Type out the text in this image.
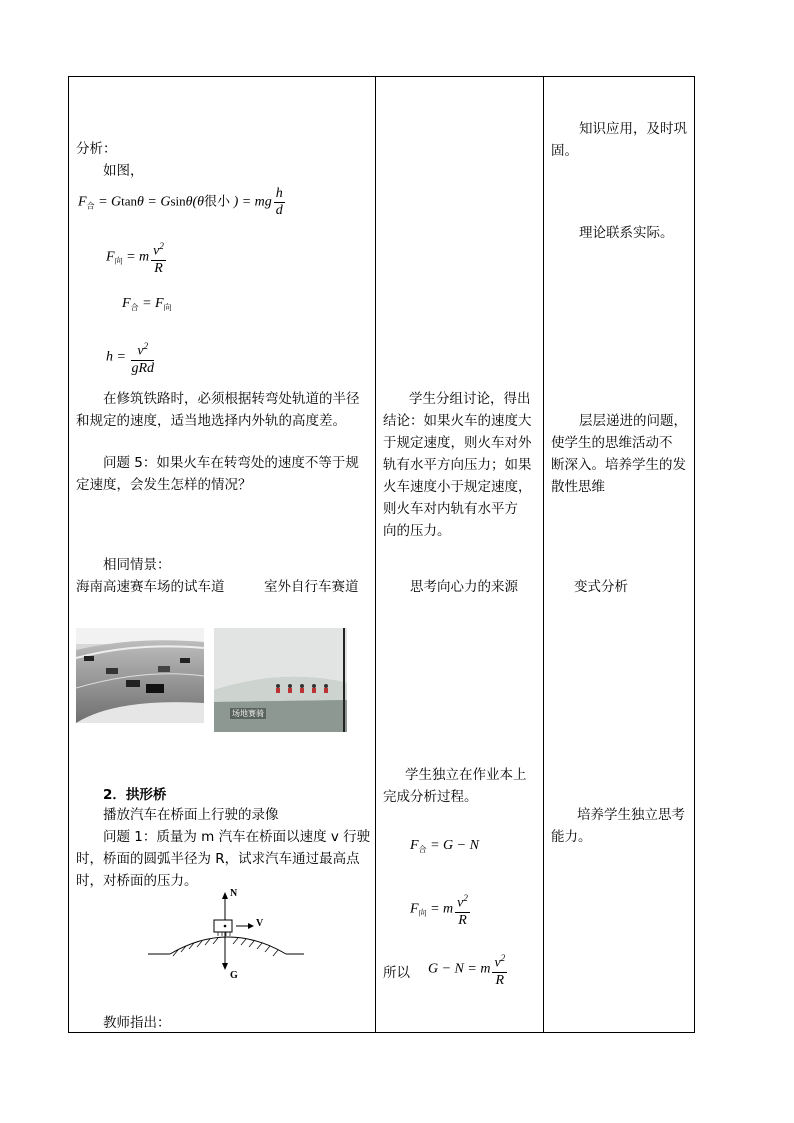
分析：
如图，
$F_合 = Gtan\theta = Gsin\theta(\theta$很小 ) = mg $\frac{h}{d}$
$F_向 = m \frac{v^2}{R}$
$F_合 = F_向$
$h = \frac{v^2}{\text{gRd}}$
在修筑铁路时，必须根据转弯处轨道的半径
和规定的速度，适当地选择内外轨的高度差。
问题 5：如果火车在转弯处的速度不等于规
定速度，会发生怎样的情况？
相同情景：
海南高速赛车场的试车道	室外自行车赛道
场地赛骑
2．拱形桥
播放汽车在桥面上行驶的录像
问题 1：质量为 m 汽车在桥面以速度 v 行驶
时，桥面的圆弧半径为 R，试求汽车通过最高点
时，对桥面的压力。
N
V
G
教师指出：
学生分组讨论，得出
结论：如果火车的速度大
于规定速度，则火车对外
轨有水平方向压力；如果
火车速度小于规定速度，
则火车对内轨有水平方
向的压力。
思考向心力的来源
学生独立在作业本上
完成分析过程。
$F_合 = G - N$
$F_向 = m \frac{v^2}{R}$
所以 G − N = m $\frac{v^2}{R}$
知识应用，及时巩
固。
理论联系实际。
层层递进的问题，
使学生的思维活动不
断深入。培养学生的发
散性思维
变式分析
培养学生独立思考
能力。
